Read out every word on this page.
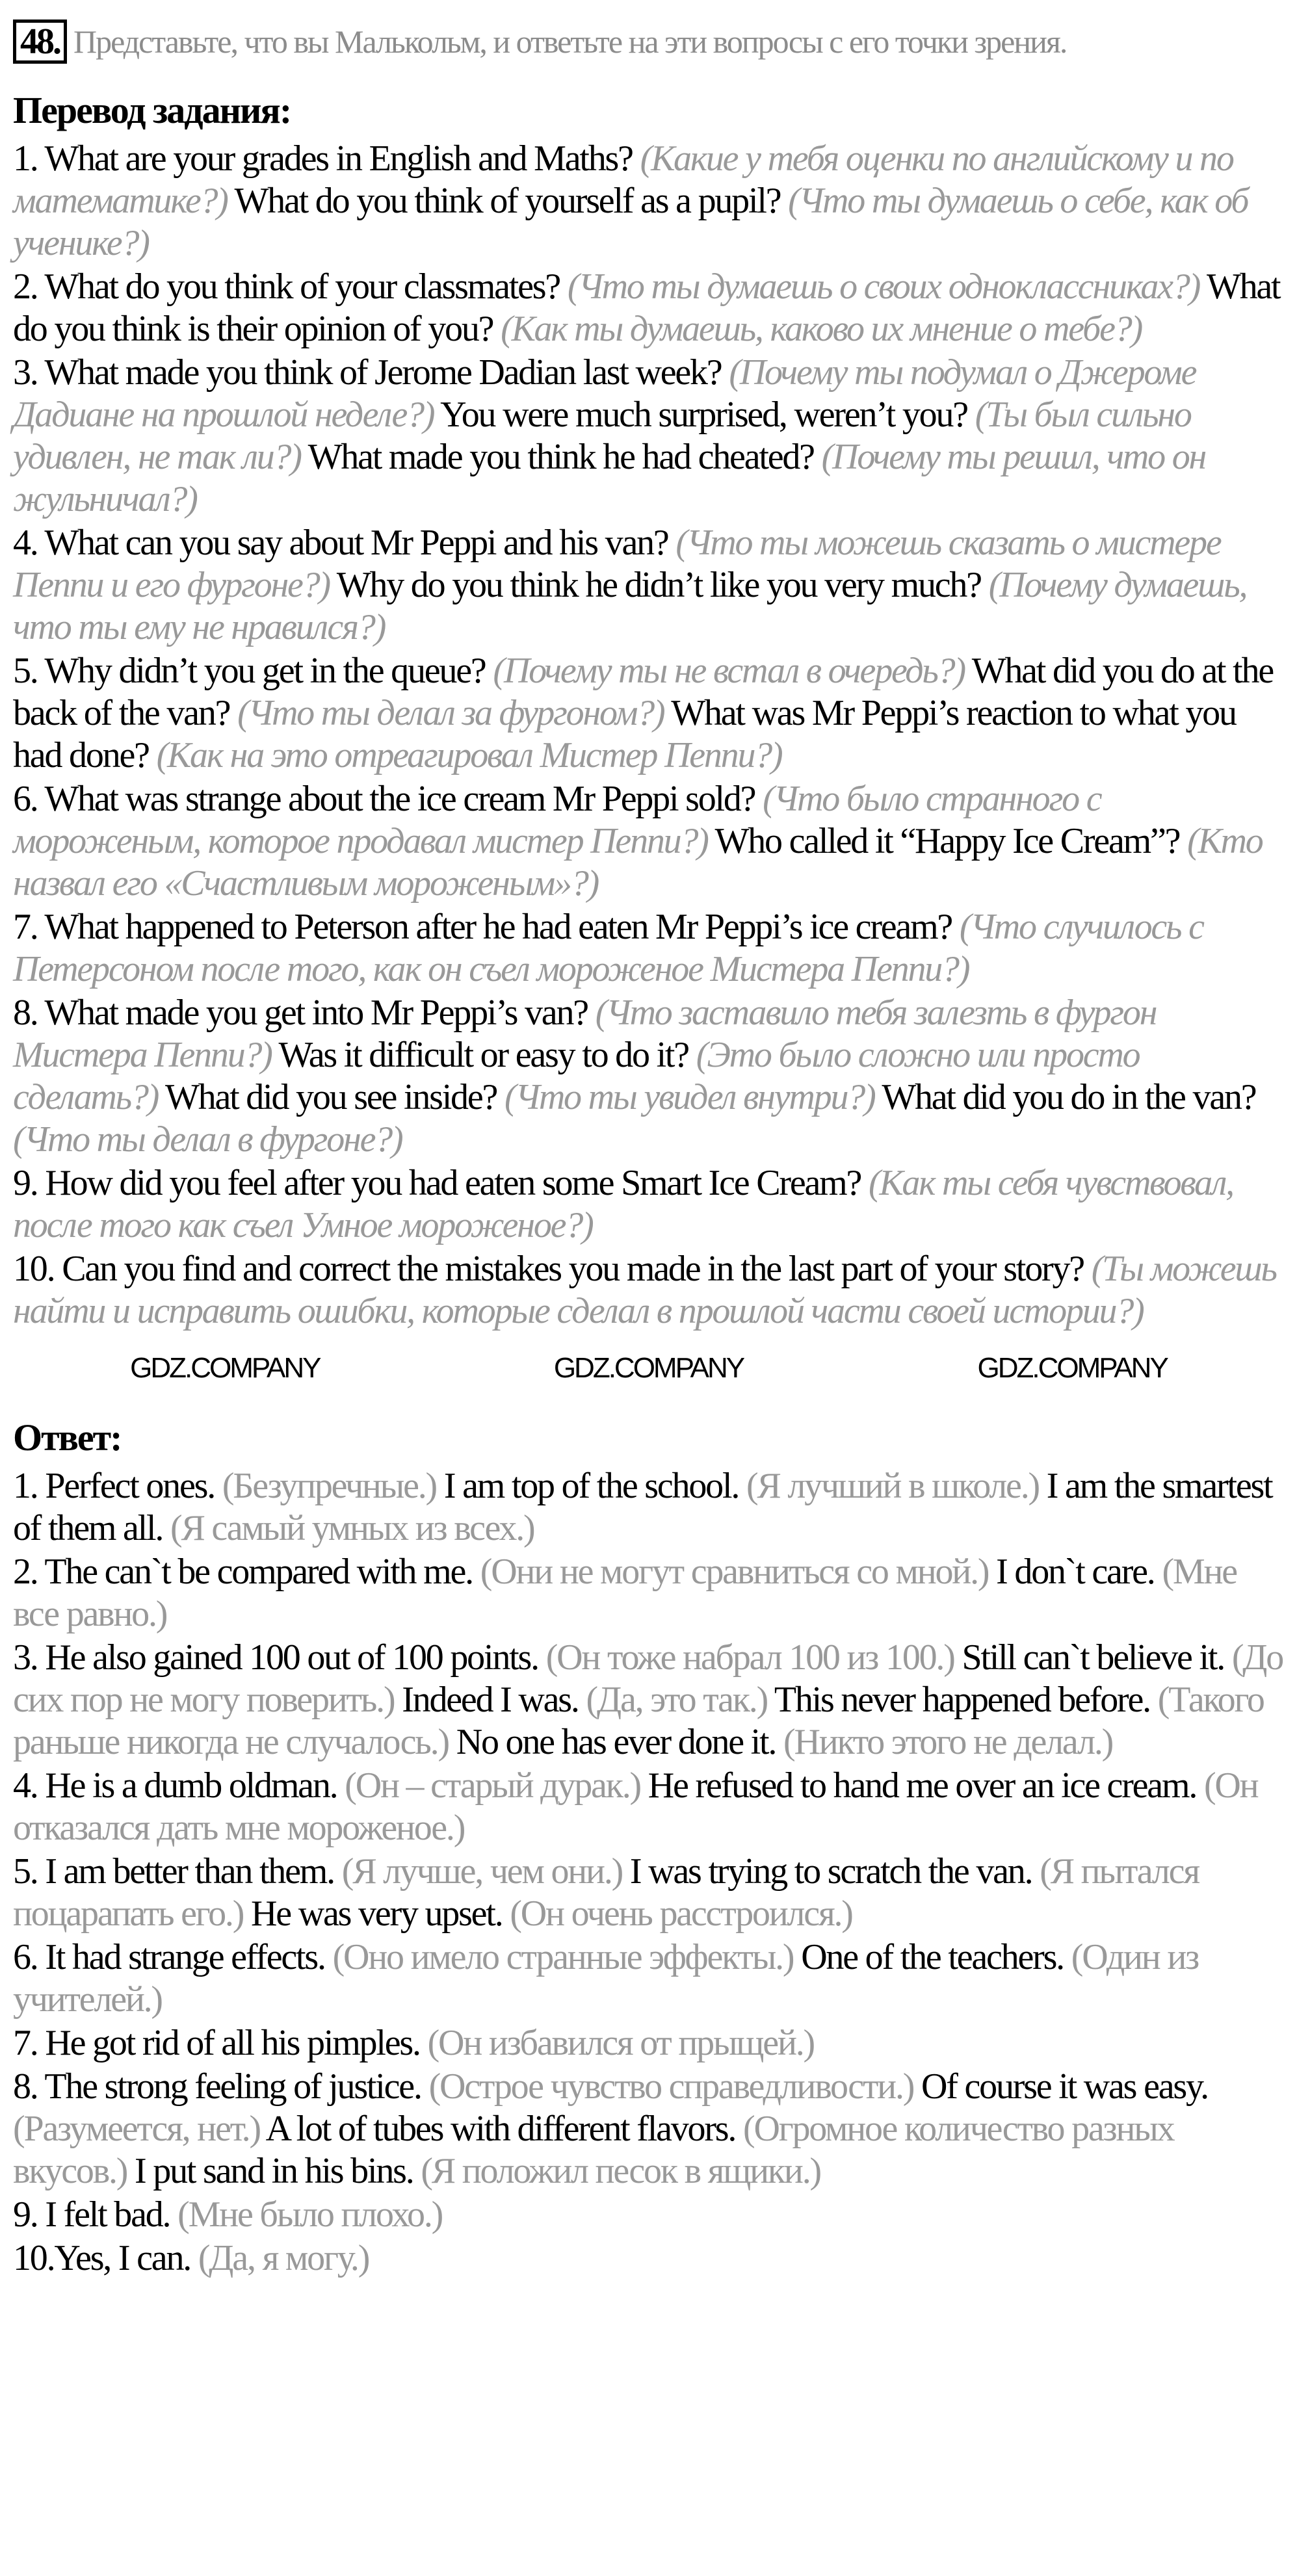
48. Представьте, что вы Малькольм, и ответьте на эти вопросы с его точки зрения.
Перевод задания:
1. What are your grades in English and Maths? (Какие у тебя оценки по английскому и по математике?) What do you think of yourself as a pupil? (Что ты думаешь о себе, как об ученике?)
2. What do you think of your classmates? (Что ты думаешь о своих одноклассниках?) What do you think is their opinion of you? (Как ты думаешь, каково их мнение о тебе?)
3. What made you think of Jerome Dadian last week? (Почему ты подумал о Джероме Дадиане на прошлой неделе?) You were much surprised, weren’t you? (Ты был сильно удивлен, не так ли?) What made you think he had cheated? (Почему ты решил, что он жульничал?)
4. What can you say about Mr Peppi and his van? (Что ты можешь сказать о мистере Пеппи и его фургоне?) Why do you think he didn’t like you very much? (Почему думаешь, что ты ему не нравился?)
5. Why didn’t you get in the queue? (Почему ты не встал в очередь?) What did you do at the back of the van? (Что ты делал за фургоном?) What was Mr Peppi’s reaction to what you had done? (Как на это отреагировал Мистер Пеппи?)
6. What was strange about the ice cream Mr Peppi sold? (Что было странного с мороженым, которое продавал мистер Пеппи?) Who called it “Happy Ice Cream”? (Кто назвал его «Счастливым мороженым»?)
7. What happened to Peterson after he had eaten Mr Peppi’s ice cream? (Что случилось с Петерсоном после того, как он съел мороженое Мистера Пеппи?)
8. What made you get into Mr Peppi’s van? (Что заставило тебя залезть в фургон Мистера Пеппи?) Was it difficult or easy to do it? (Это было сложно или просто сделать?) What did you see inside? (Что ты увидел внутри?) What did you do in the van? (Что ты делал в фургоне?)
9. How did you feel after you had eaten some Smart Ice Cream? (Как ты себя чувствовал, после того как съел Умное мороженое?)
10. Can you find and correct the mistakes you made in the last part of your story? (Ты можешь найти и исправить ошибки, которые сделал в прошлой части своей истории?)
GDZ.COMPANY	GDZ.COMPANY	GDZ.COMPANY
Ответ:
1. Perfect ones. (Безупречные.) I am top of the school. (Я лучший в школе.) I am the smartest of them all. (Я самый умных из всех.)
2. The can`t be compared with me. (Они не могут сравниться со мной.) I don`t care. (Мне все равно.)
3. He also gained 100 out of 100 points. (Он тоже набрал 100 из 100.) Still can`t believe it. (До сих пор не могу поверить.) Indeed I was. (Да, это так.) This never happened before. (Такого раньше никогда не случалось.) No one has ever done it. (Никто этого не делал.)
4. He is a dumb oldman. (Он – старый дурак.) He refused to hand me over an ice cream. (Он отказался дать мне мороженое.)
5. I am better than them. (Я лучше, чем они.) I was trying to scratch the van. (Я пытался поцарапать его.) He was very upset. (Он очень расстроился.)
6. It had strange effects. (Оно имело странные эффекты.) One of the teachers. (Один из учителей.)
7. He got rid of all his pimples. (Он избавился от прыщей.)
8. The strong feeling of justice. (Острое чувство справедливости.) Of course it was easy. (Разумеется, нет.) A lot of tubes with different flavors. (Огромное количество разных вкусов.) I put sand in his bins. (Я положил песок в ящики.)
9. I felt bad. (Мне было плохо.)
10.Yes, I can. (Да, я могу.)
